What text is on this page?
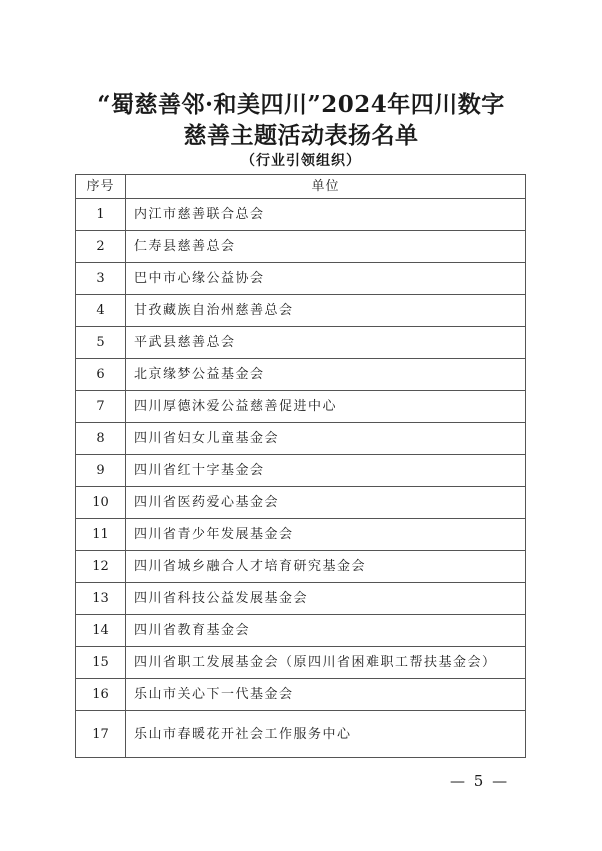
“蜀慈善邻·和美四川”2024年四川数字
慈善主题活动表扬名单
（行业引领组织）
序号	单位
1	内江市慈善联合总会
2	仁寿县慈善总会
3	巴中市心缘公益协会
4	甘孜藏族自治州慈善总会
5	平武县慈善总会
6	北京缘梦公益基金会
7	四川厚德沐爱公益慈善促进中心
8	四川省妇女儿童基金会
9	四川省红十字基金会
10	四川省医药爱心基金会
11	四川省青少年发展基金会
12	四川省城乡融合人才培育研究基金会
13	四川省科技公益发展基金会
14	四川省教育基金会
15	四川省职工发展基金会（原四川省困难职工帮扶基金会）
16	乐山市关心下一代基金会
17	乐山市春暖花开社会工作服务中心
— 5 —
